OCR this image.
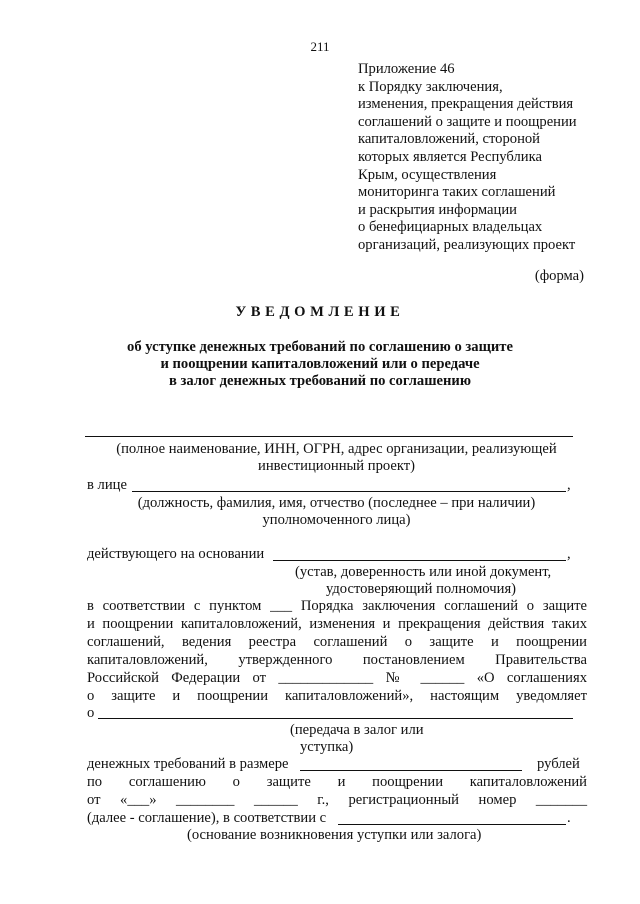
211
Приложение 46
к Порядку заключения,
изменения, прекращения действия
соглашений о защите и поощрении
капиталовложений, стороной
которых является Республика
Крым, осуществления
мониторинга таких соглашений
и раскрытия информации
о бенефициарных владельцах
организаций, реализующих проект
(форма)
УВЕДОМЛЕНИЕ
об уступке денежных требований по соглашению о защите
и поощрении капиталовложений или о передаче
в залог денежных требований по соглашению
(полное наименование, ИНН, ОГРН, адрес организации, реализующей
инвестиционный проект)
в лице	,
(должность, фамилия, имя, отчество (последнее – при наличии)
уполномоченного лица)
действующего на основании	,
(устав, доверенность или иной документ,
удостоверяющий полномочия)
в соответствии с пунктом ___ Порядка заключения соглашений о защите
и поощрении капиталовложений, изменения и прекращения действия таких
соглашений, ведения реестра соглашений о защите и поощрении
капиталовложений, утвержденного постановлением Правительства
Российской Федерации от _____________ № ______ «О соглашениях
о защите и поощрении капиталовложений», настоящим уведомляет
о
(передача в залог или
уступка)
денежных требований в размере	рублей
по соглашению о защите и поощрении капиталовложений
от «___» ________ ______ г., регистрационный номер _______
(далее - соглашение), в соответствии с	.
(основание возникновения уступки или залога)
